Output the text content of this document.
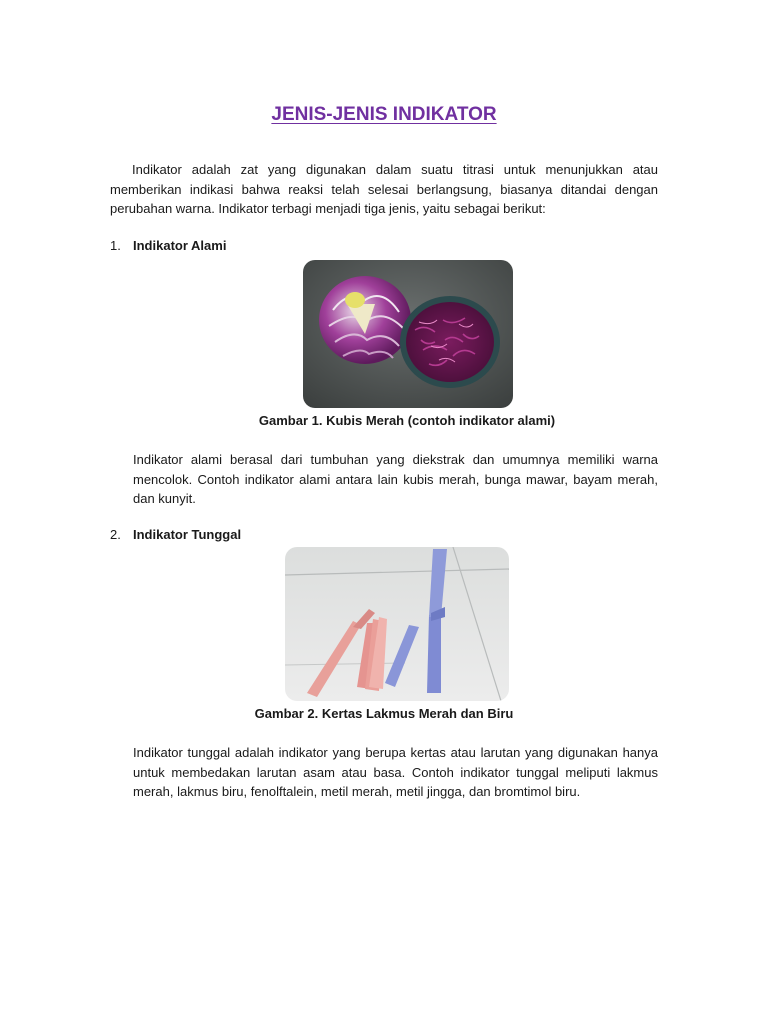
JENIS-JENIS INDIKATOR
Indikator adalah zat yang digunakan dalam suatu titrasi untuk menunjukkan atau memberikan indikasi bahwa reaksi telah selesai berlangsung, biasanya ditandai dengan perubahan warna. Indikator terbagi menjadi tiga jenis, yaitu sebagai berikut:
1. Indikator Alami
Gambar 1. Kubis Merah (contoh indikator alami)
Indikator alami berasal dari tumbuhan yang diekstrak dan umumnya memiliki warna mencolok. Contoh indikator alami antara lain kubis merah, bunga mawar, bayam merah, dan kunyit.
2. Indikator Tunggal
Gambar 2. Kertas Lakmus Merah dan Biru
Indikator tunggal adalah indikator yang berupa kertas atau larutan yang digunakan hanya untuk membedakan larutan asam atau basa. Contoh indikator tunggal meliputi lakmus merah, lakmus biru, fenolftalein, metil merah, metil jingga, dan bromtimol biru.
